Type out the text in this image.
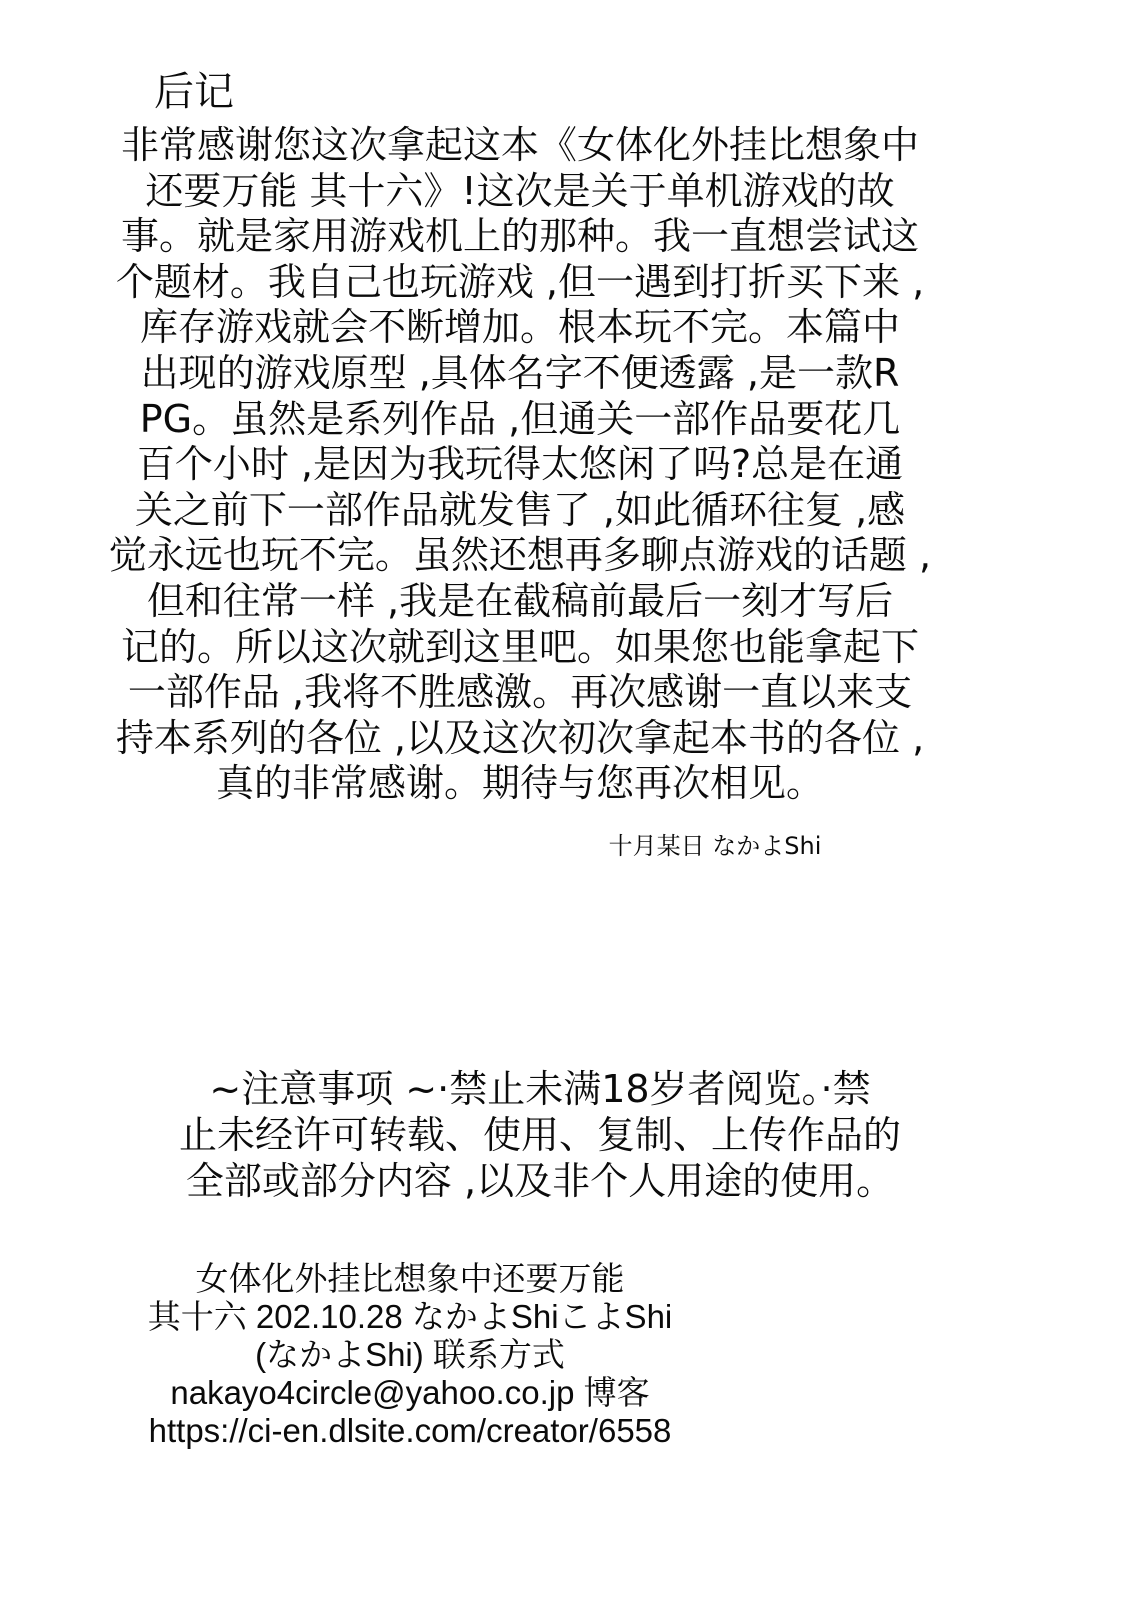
后记
非常感谢您这次拿起这本《女体化外挂比想象中
还要万能 其十六》!这次是关于单机游戏的故
事。就是家用游戏机上的那种。我一直想尝试这
个题材。我自己也玩游戏 ,但一遇到打折买下来 ,
库存游戏就会不断增加。根本玩不完。本篇中
出现的游戏原型 ,具体名字不便透露 ,是一款R
PG。虽然是系列作品 ,但通关一部作品要花几
百个小时 ,是因为我玩得太悠闲了吗?总是在通
关之前下一部作品就发售了 ,如此循环往复 ,感
觉永远也玩不完。虽然还想再多聊点游戏的话题 ,
但和往常一样 ,我是在截稿前最后一刻才写后
记的。所以这次就到这里吧。如果您也能拿起下
一部作品 ,我将不胜感激。再次感谢一直以来支
持本系列的各位 ,以及这次初次拿起本书的各位 ,
真的非常感谢。期待与您再次相见。
十月某日 なかよShi
~注意事项 ~·禁止未满18岁者阅览。·禁
止未经许可转载、使用、复制、上传作品的
全部或部分内容 ,以及非个人用途的使用。
女体化外挂比想象中还要万能
其十六 202.10.28 なかよShiこよShi
(なかよShi) 联系方式
nakayo4circle@yahoo.co.jp 博客
https://ci-en.dlsite.com/creator/6558
